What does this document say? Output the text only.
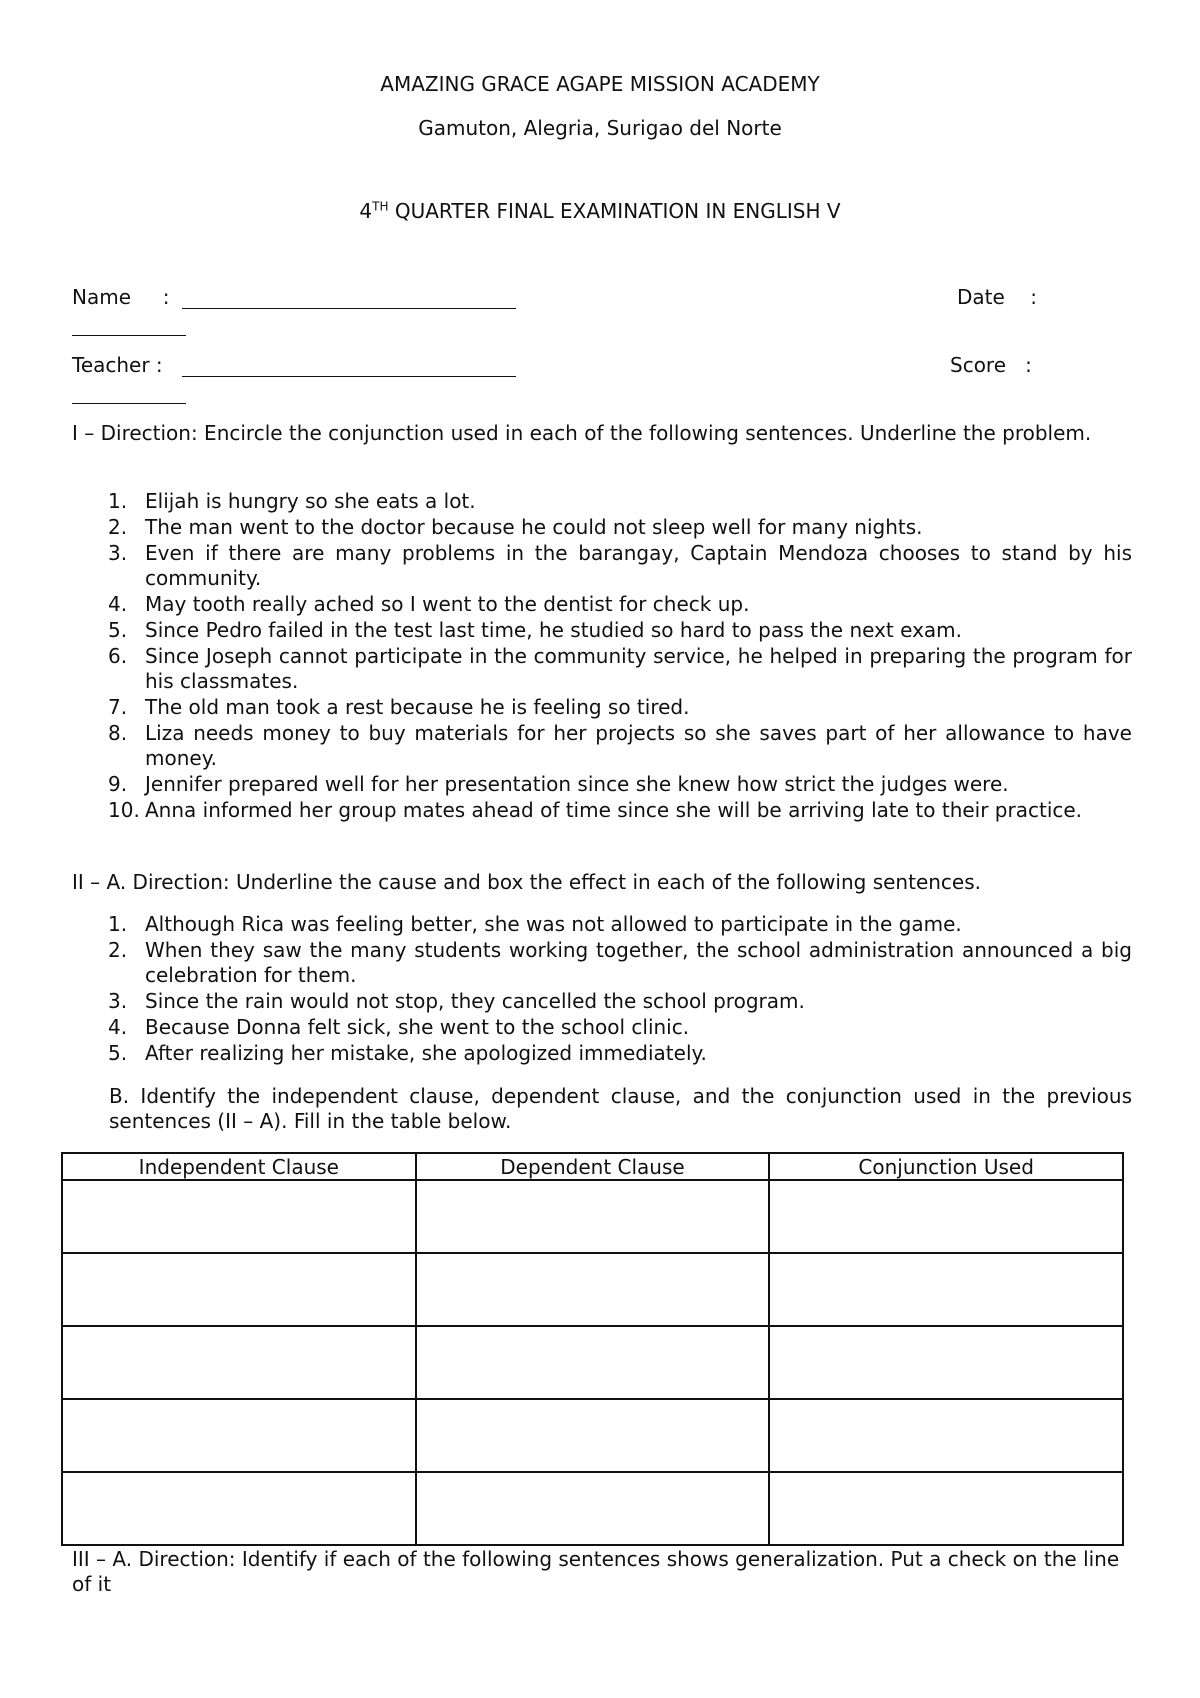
AMAZING GRACE AGAPE MISSION ACADEMY
Gamuton, Alegria, Surigao del Norte
4TH QUARTER FINAL EXAMINATION IN ENGLISH V
Name     :	Date    :
Teacher :	Score   :
I – Direction: Encircle the conjunction used in each of the following sentences. Underline the problem.
1. Elijah is hungry so she eats a lot.
2. The man went to the doctor because he could not sleep well for many nights.
3. Even if there are many problems in the barangay, Captain Mendoza chooses to stand by his community.
4. May tooth really ached so I went to the dentist for check up.
5. Since Pedro failed in the test last time, he studied so hard to pass the next exam.
6. Since Joseph cannot participate in the community service, he helped in preparing the program for his classmates.
7. The old man took a rest because he is feeling so tired.
8. Liza needs money to buy materials for her projects so she saves part of her allowance to have money.
9. Jennifer prepared well for her presentation since she knew how strict the judges were.
10. Anna informed her group mates ahead of time since she will be arriving late to their practice.
II – A. Direction: Underline the cause and box the effect in each of the following sentences.
1. Although Rica was feeling better, she was not allowed to participate in the game.
2. When they saw the many students working together, the school administration announced a big celebration for them.
3. Since the rain would not stop, they cancelled the school program.
4. Because Donna felt sick, she went to the school clinic.
5. After realizing her mistake, she apologized immediately.
B. Identify the independent clause, dependent clause, and the conjunction used in the previous sentences (II – A). Fill in the table below.
Independent Clause	Dependent Clause	Conjunction Used

III – A. Direction: Identify if each of the following sentences shows generalization. Put a check on the line of it
